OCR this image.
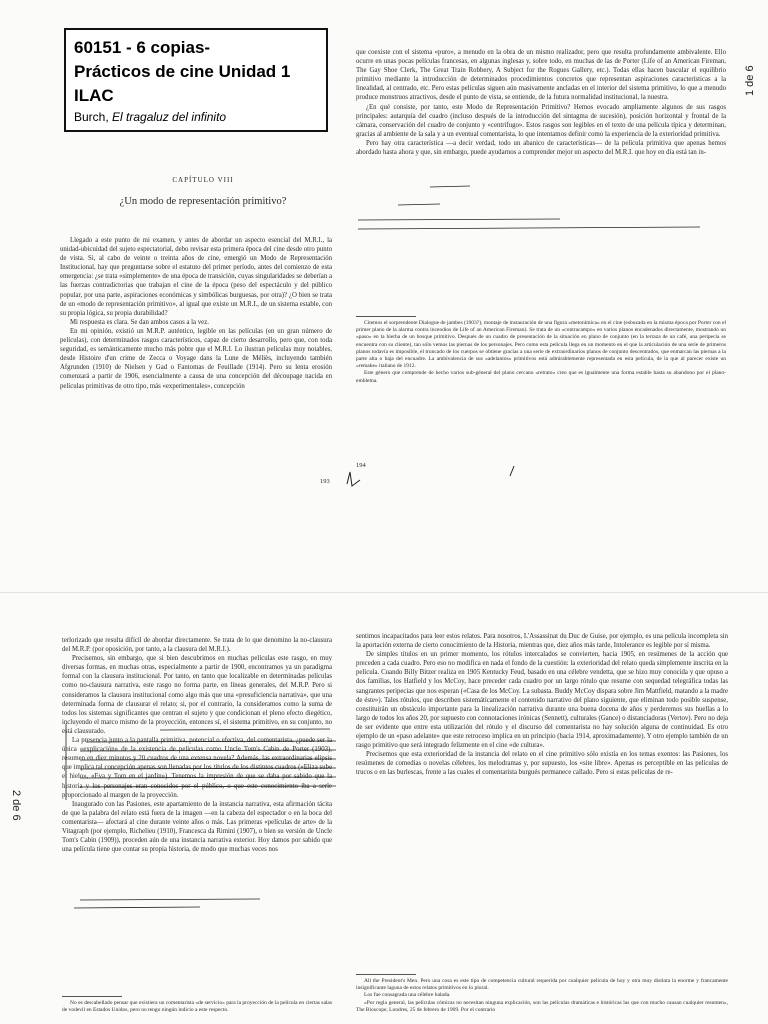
60151 - 6 copias-

Prácticos de cine Unidad 1

ILAC

Burch, El tragaluz del infinito

CAPÍTULO VIII
¿Un modo de representación primitivo?

Llegado a este punto de mi examen, y antes de abordar un aspecto esencial del M.R.I., la unidad-ubicuidad del sujeto espectatorial, debo revisar esta primera época del cine desde otro punto de vista. Si, al cabo de veinte o treinta años de cine, emergió un Modo de Representación Institucional, hay que preguntarse sobre el estatuto del primer período, antes del comienzo de esta emergencia: ¿se trata «simplemente» de una época de transición, cuyas singularidades se deberían a las fuerzas contradictorias que trabajan el cine de la época (peso del espectáculo y del público popular, por una parte, aspiraciones económicas y simbólicas burguesas, por otra)? ¿O bien se trata de un «modo de representación primitivo», al igual que existe un M.R.I., de un sistema estable, con su propia lógica, su propia durabilidad?

Mi respuesta es clara. Se dan ambos casos a la vez.

En mi opinión, existió un M.R.P. auténtico, legible en las películas (en un gran número de películas), con determinados rasgos característicos, capaz de cierto desarrollo, pero que, con toda seguridad, es semánticamente mucho más pobre que el M.R.I. Lo ilustran películas muy notables, desde Histoire d'un crime de Zecca o Voyage dans la Lune de Méliès, incluyendo también Afgrunden (1910) de Nielsen y Gad o Fantomas de Feuillade (1914). Pero su lenta erosión comenzará a partir de 1906, esencialmente a causa de una concepción del découpage nacida en películas primitivas de otro tipo, más «experimentales», concepción

193

que coexiste con el sistema «puro», a menudo en la obra de un mismo realizador, pero que resulta profundamente ambivalente. Ello ocurre en unas pocas películas francesas, en algunas inglesas y, sobre todo, en muchas de las de Porter (Life of an American Fireman, The Gay Shoe Clerk, The Great Train Robbery, A Subject for the Rogues Gallery, etc.). Todas ellas hacen bascular el equilibrio primitivo mediante la introducción de determinados procedimientos concretos que representan aspiraciones características a la linealidad, al centrado, etc. Pero estas películas siguen aún masivamente ancladas en el interior del sistema primitivo, lo que a menudo produce monstruos atractivos, desde el punto de vista, se entiende, de la futura normalidad institucional, la nuestra.

¿En qué consiste, por tanto, este Modo de Representación Primitivo? Hemos evocado ampliamente algunos de sus rasgos principales: autarquía del cuadro (incluso después de la introducción del sintagma de sucesión), posición horizontal y frontal de la cámara, conservación del cuadro de conjunto y «centrífugo». Estos rasgos son legibles en el texto de una película típica y determinan, gracias al ambiente de la sala y a un eventual comentarista, lo que intentamos definir como la experiencia de la exterioridad primitiva.

Pero hay otra característica —a decir verdad, todo un abanico de características— de la película primitiva que apenas hemos abordado hasta ahora y que, sin embargo, puede ayudarnos a comprender mejor un aspecto del M.R.I. que hoy en día está tan in-

Citemos el sorprendente Dialogue de jambes (1903?), montaje de instauración de una figura «metonímica» en el cine (esbozada en la misma época por Porter con el primer plano de la alarma contra incendios de Life of an American Fireman). Se trata de un «contracampo» en varios planos encadenados directamente, mostrando un «paso» en la hierba de un bosque primitivo. Después de un cuadro de presentación de la situación en plano de conjunto (en la terraza de un café, una peripecia se encuentra con su cliente), tan sólo vemos las piernas de los personajes. Pero como esta película llega en un momento en el que la articulación de una serie de primeros planos todavía es imposible, el truncado de los cuerpos se obtiene gracias a una serie de extraordinarios planos de conjunto descentrados, que enmarcan las piernas a la parte alta o baja del encuadre. La ambivalencia de sus «adelantos» primitivos está admirablemente representada en esta película, de la que al parecer existe un «remake» italiano de 1912.

Este género que comprende de hecho varios sub-géneral del plano cercano «retrato» creo que es igualmente una forma estable hasta su abandono por el plano-emblema.

194

terlorizado que resulta difícil de abordar directamente. Se trata de lo que denomino la no-clausura del M.R.P. (por oposición, por tanto, a la clausura del M.R.I.).

Precisemos, sin embargo, que si bien descubrimos en muchas películas este rasgo, en muy diversas formas, en muchas otras, especialmente a partir de 1900, encontramos ya un paradigma formal con la clausura institucional. Por tanto, en tanto que localizable en determinadas películas como no-clausura narrativa, este rasgo no forma parte, en líneas generales, del M.R.P. Pero si consideramos la clausura institucional como algo más que una «presuficiencia narrativa», que una determinada forma de clausurar el relato; si, por el contrario, la consideramos como la suma de todos los sistemas significantes que centran el sujeto y que condicionan el pleno efecto diegético, incluyendo el marco mismo de la proyección, entonces sí, el sistema primitivo, en su conjunto, no está clausurado.

La presencia junto a la pantalla primitiva, potencial o efectiva, del comentarista, ¿puede ser la única «explicación» de la existencia de películas como Uncle Tom's Cabin de Porter (1903), resumen en diez minutos y 20 cuadros de una extensa novela? Además, las extraordinarias elipsis que implica tal concepción apenas son llenadas por los títulos de los distintos cuadros («Eliza sube el hielo», «Eva y Tom en el jardín»). Tenemos la impresión de que se daba por sabido que la historia y los personajes eran conocidos por el público, o que este conocimiento iba a serle proporcionado al margen de la proyección.

Inaugurado con las Pasiones, este apartamiento de la instancia narrativa, esta afirmación tácita de que la palabra del relato está fuera de la imagen —en la cabeza del espectador o en la boca del comentarista— afectará al cine durante veinte años o más. Las primeras «películas de arte» de la Vitagraph (por ejemplo, Richelieu (1910), Francesca da Rimini (1907), o bien su versión de Uncle Tom's Cabin (1909)), proceden aún de una instancia narrativa exterior. Hoy damos por sabido que una película tiene que contar su propia historia, de modo que muchas veces nos

No es descabellado pensar que existiera un comentarista «de servicio» para la proyección de la película en ciertas salas de vodevil en Estados Unidos, pero no tengo ningún indicio a este respecto.

sentimos incapacitados para leer estos relatos. Para nosotros, L'Assassinat du Duc de Guise, por ejemplo, es una película incompleta sin la aportación externa de cierto conocimiento de la Historia, mientras que, diez años más tarde, Intolerance es legible por sí misma.

De simples títulos en un primer momento, los rótulos intercalados se convierten, hacia 1905, en resúmenes de la acción que preceden a cada cuadro. Pero eso no modifica en nada el fondo de la cuestión: la exterioridad del relato queda simplemente inscrita en la película. Cuando Billy Bitzer realiza en 1905 Kentucky Feud, basado en una célebre vendetta, que se hizo muy conocida y que opuso a dos familias, los Hatfield y los McCoy, hace preceder cada cuadro por un largo rótulo que resume con sequedad telegráfica todas las sangrantes peripecias que nos esperan («Casa de los McCoy. La subasta. Buddy McCoy dispara sobre Jim Mattfield, matando a la madre de éste»). Tales rótulos, que describen sistemáticamente el contenido narrativo del plano siguiente, que eliminan todo posible suspense, constituirán un obstáculo importante para la linealización narrativa durante una buena docena de años y perderemos sus huellas a lo largo de todos los años 20, por supuesto con connotaciones irónicas (Sennett), culturales (Gance) o distanciadoras (Vertov). Pero no deja de ser evidente que entre esta utilización del rótulo y el discurso del comentarista no hay solución alguna de continuidad. Es otro ejemplo de un «paso adelante» que este retroceso implica en un principio (hacia 1914, aproximadamente). Y otro ejemplo también de un rasgo primitivo que será integrado felizmente en el cine «de cultura».

Precisemos que esta exterioridad de la instancia del relato en el cine primitivo sólo existía en los temas exentos: las Pasiones, los resúmenes de comedias o novelas célebres, los melodramas y, por supuesto, los «site libre». Apenas es perceptible en las películas de trucos o en las burlescas, frente a las cuales el comentarista burgués permanece callado. Pero si estas películas de re-

All the President's Men. Pero una cosa es este tipo de competencia cultural requerida por cualquier película de hoy y otra muy distinta la enorme y francamente insignificante laguna de estos relatos primitivos en lo plural.

Los fue consagrada una célebre balada.

«Por regla general, las películas cómicas no necesitan ninguna explicación, son las películas dramáticas e históricas las que con mucho causan cualquier resumen», The Bioscope, Londres, 25 de febrero de 1909. Por el contrario

1 de 6
2 de 6
